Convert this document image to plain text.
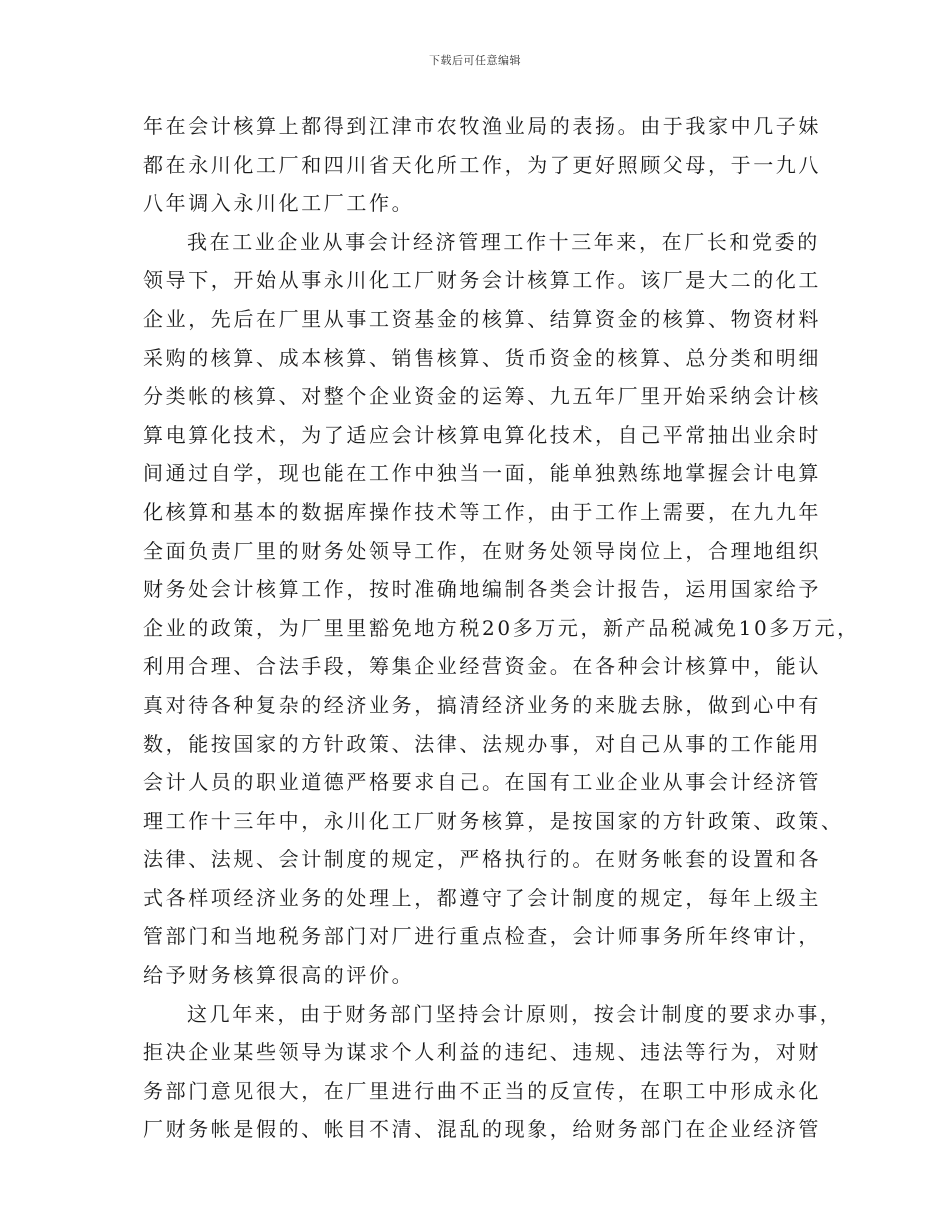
下载后可任意编辑

年在会计核算上都得到江津市农牧渔业局的表扬。由于我家中几子妹
都在永川化工厂和四川省天化所工作，为了更好照顾父母，于一九八
八年调入永川化工厂工作。

我在工业企业从事会计经济管理工作十三年来，在厂长和党委的
领导下，开始从事永川化工厂财务会计核算工作。该厂是大二的化工
企业，先后在厂里从事工资基金的核算、结算资金的核算、物资材料
采购的核算、成本核算、销售核算、货币资金的核算、总分类和明细
分类帐的核算、对整个企业资金的运筹、九五年厂里开始采纳会计核
算电算化技术，为了适应会计核算电算化技术，自己平常抽出业余时
间通过自学，现也能在工作中独当一面，能单独熟练地掌握会计电算
化核算和基本的数据库操作技术等工作，由于工作上需要，在九九年
全面负责厂里的财务处领导工作，在财务处领导岗位上，合理地组织
财务处会计核算工作，按时准确地编制各类会计报告，运用国家给予
企业的政策，为厂里里豁免地方税20多万元，新产品税减免10多万元，
利用合理、合法手段，筹集企业经营资金。在各种会计核算中，能认
真对待各种复杂的经济业务，搞清经济业务的来胧去脉，做到心中有
数，能按国家的方针政策、法律、法规办事，对自己从事的工作能用
会计人员的职业道德严格要求自己。在国有工业企业从事会计经济管
理工作十三年中，永川化工厂财务核算，是按国家的方针政策、政策、
法律、法规、会计制度的规定，严格执行的。在财务帐套的设置和各
式各样项经济业务的处理上，都遵守了会计制度的规定，每年上级主
管部门和当地税务部门对厂进行重点检查，会计师事务所年终审计，
给予财务核算很高的评价。

这几年来，由于财务部门坚持会计原则，按会计制度的要求办事，
拒决企业某些领导为谋求个人利益的违纪、违规、违法等行为，对财
务部门意见很大，在厂里进行曲不正当的反宣传，在职工中形成永化
厂财务帐是假的、帐目不清、混乱的现象，给财务部门在企业经济管
